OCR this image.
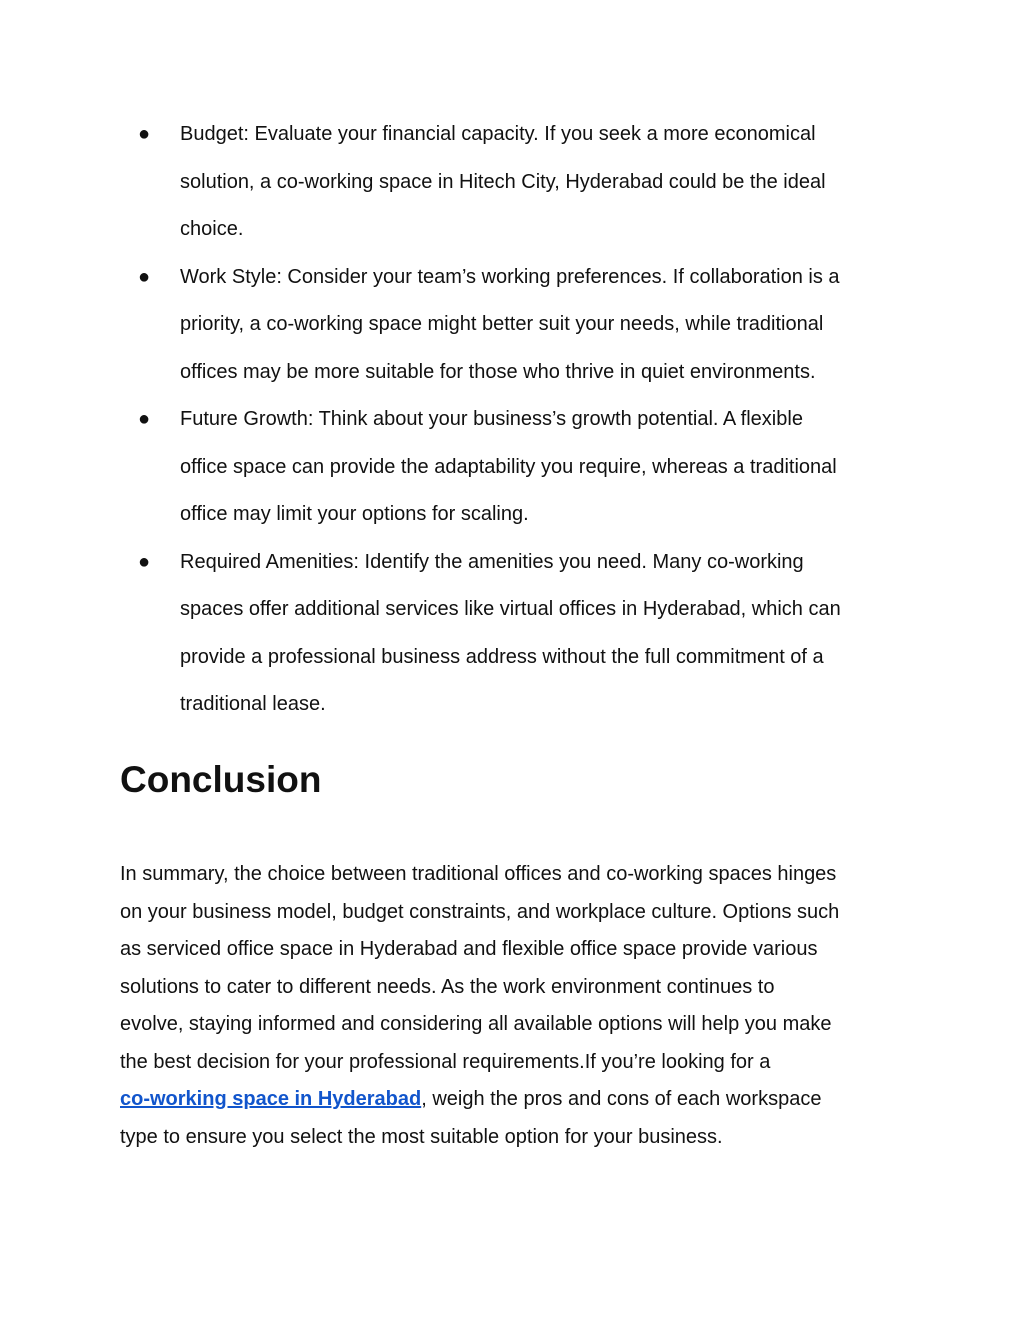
● Budget: Evaluate your financial capacity. If you seek a more economical
solution, a co-working space in Hitech City, Hyderabad could be the ideal
choice.
● Work Style: Consider your team’s working preferences. If collaboration is a
priority, a co-working space might better suit your needs, while traditional
offices may be more suitable for those who thrive in quiet environments.
● Future Growth: Think about your business’s growth potential. A flexible
office space can provide the adaptability you require, whereas a traditional
office may limit your options for scaling.
● Required Amenities: Identify the amenities you need. Many co-working
spaces offer additional services like virtual offices in Hyderabad, which can
provide a professional business address without the full commitment of a
traditional lease.
Conclusion
In summary, the choice between traditional offices and co-working spaces hinges
on your business model, budget constraints, and workplace culture. Options such
as serviced office space in Hyderabad and flexible office space provide various
solutions to cater to different needs. As the work environment continues to
evolve, staying informed and considering all available options will help you make
the best decision for your professional requirements.If you’re looking for a
co-working space in Hyderabad, weigh the pros and cons of each workspace
type to ensure you select the most suitable option for your business.
